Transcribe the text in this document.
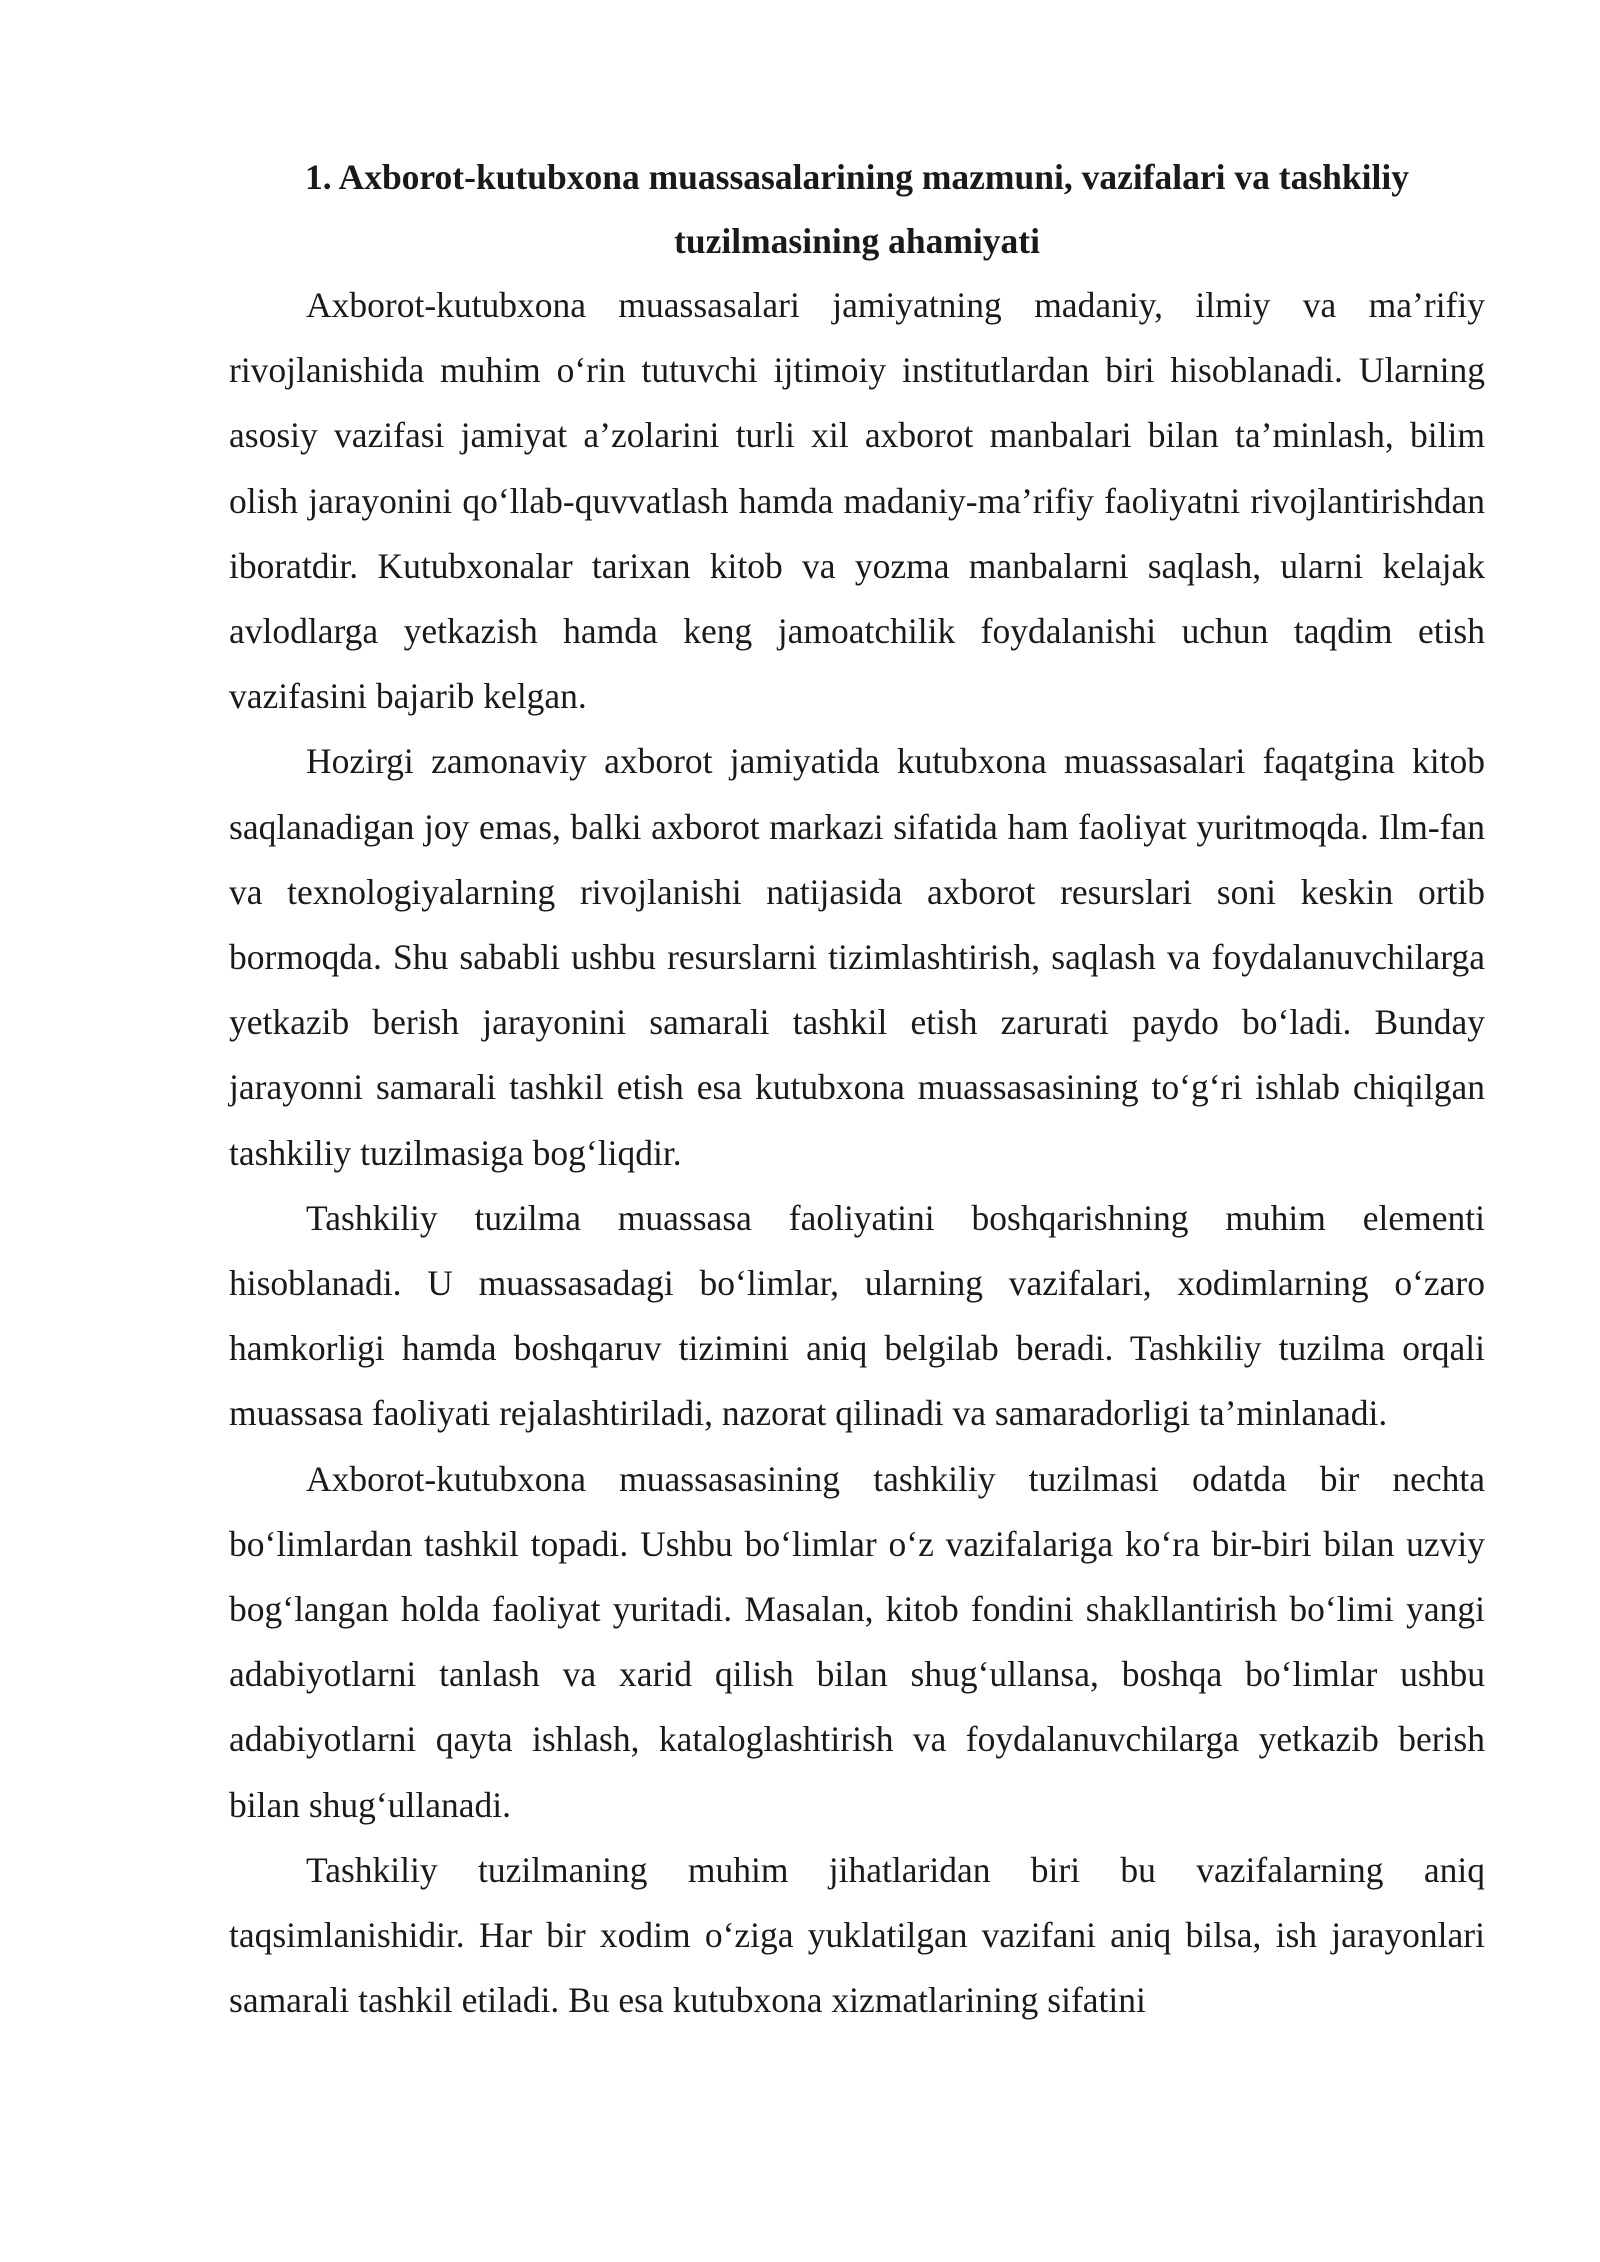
1. Axborot-kutubxona muassasalarining mazmuni, vazifalari va tashkiliy tuzilmasining ahamiyati

Axborot-kutubxona muassasalari jamiyatning madaniy, ilmiy va ma’rifiy rivojlanishida muhim o‘rin tutuvchi ijtimoiy institutlardan biri hisoblanadi. Ularning asosiy vazifasi jamiyat a’zolarini turli xil axborot manbalari bilan ta’minlash, bilim olish jarayonini qo‘llab-quvvatlash hamda madaniy-ma’rifiy faoliyatni rivojlantirishdan iboratdir. Kutubxonalar tarixan kitob va yozma manbalarni saqlash, ularni kelajak avlodlarga yetkazish hamda keng jamoatchilik foydalanishi uchun taqdim etish vazifasini bajarib kelgan.

Hozirgi zamonaviy axborot jamiyatida kutubxona muassasalari faqatgina kitob saqlanadigan joy emas, balki axborot markazi sifatida ham faoliyat yuritmoqda. Ilm-fan va texnologiyalarning rivojlanishi natijasida axborot resurslari soni keskin ortib bormoqda. Shu sababli ushbu resurslarni tizimlashtirish, saqlash va foydalanuvchilarga yetkazib berish jarayonini samarali tashkil etish zarurati paydo bo‘ladi. Bunday jarayonni samarali tashkil etish esa kutubxona muassasasining to‘g‘ri ishlab chiqilgan tashkiliy tuzilmasiga bog‘liqdir.

Tashkiliy tuzilma muassasa faoliyatini boshqarishning muhim elementi hisoblanadi. U muassasadagi bo‘limlar, ularning vazifalari, xodimlarning o‘zaro hamkorligi hamda boshqaruv tizimini aniq belgilab beradi. Tashkiliy tuzilma orqali muassasa faoliyati rejalashtiriladi, nazorat qilinadi va samaradorligi ta’minlanadi.

Axborot-kutubxona muassasasining tashkiliy tuzilmasi odatda bir nechta bo‘limlardan tashkil topadi. Ushbu bo‘limlar o‘z vazifalariga ko‘ra bir-biri bilan uzviy bog‘langan holda faoliyat yuritadi. Masalan, kitob fondini shakllantirish bo‘limi yangi adabiyotlarni tanlash va xarid qilish bilan shug‘ullansa, boshqa bo‘limlar ushbu adabiyotlarni qayta ishlash, kataloglashtirish va foydalanuvchilarga yetkazib berish bilan shug‘ullanadi.

Tashkiliy tuzilmaning muhim jihatlaridan biri bu vazifalarning aniq taqsimlanishidir. Har bir xodim o‘ziga yuklatilgan vazifani aniq bilsa, ish jarayonlari samarali tashkil etiladi. Bu esa kutubxona xizmatlarining sifatini
